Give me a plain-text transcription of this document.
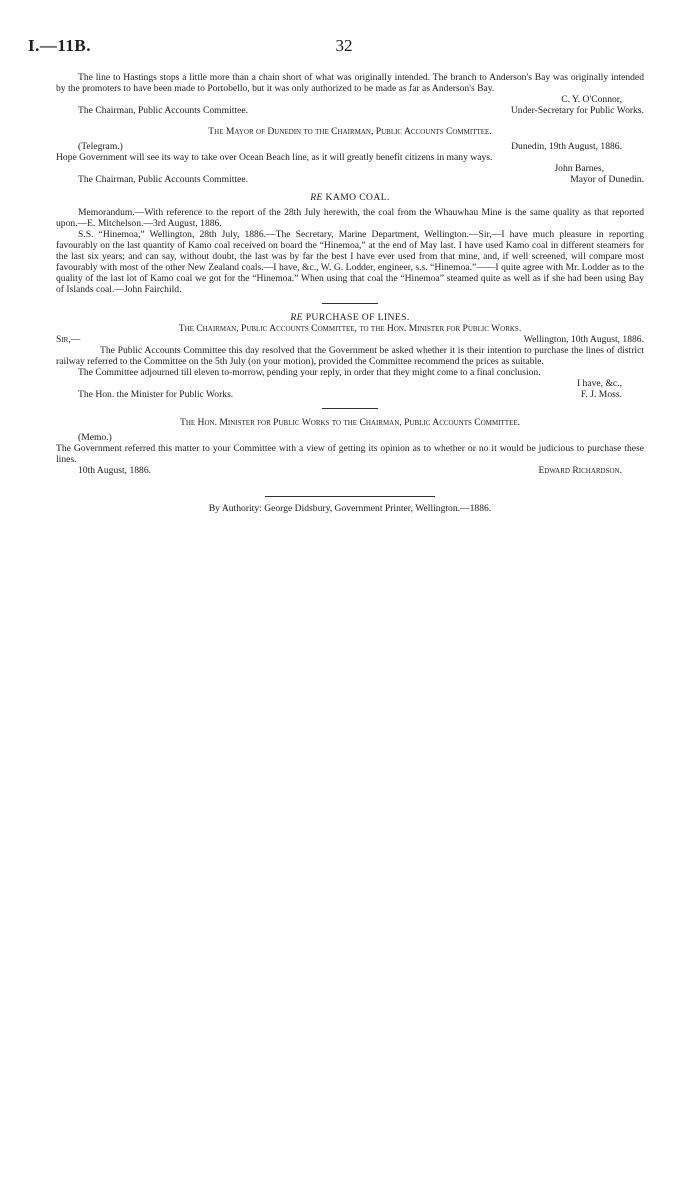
I.—11B.	32

The line to Hastings stops a little more than a chain short of what was originally intended. The branch to Anderson's Bay was originally intended by the promoters to have been made to Portobello, but it was only authorized to be made as far as Anderson's Bay.

C. Y. O'Connor,
The Chairman, Public Accounts Committee.	Under-Secretary for Public Works.
The Mayor of Dunedin to the Chairman, Public Accounts Committee.
(Telegram.)	Dunedin, 19th August, 1886.

Hope Government will see its way to take over Ocean Beach line, as it will greatly benefit citizens in many ways.

John Barnes,
The Chairman, Public Accounts Committee.	Mayor of Dunedin.
RE KAMO COAL.

Memorandum.—With reference to the report of the 28th July herewith, the coal from the Whauwhau Mine is the same quality as that reported upon.—E. Mitchelson.—3rd August, 1886.

S.S. “Hinemoa,” Wellington, 28th July, 1886.—The Secretary, Marine Department, Wellington.—Sir,—I have much pleasure in reporting favourably on the last quantity of Kamo coal received on board the “Hinemoa,” at the end of May last. I have used Kamo coal in different steamers for the last six years; and can say, without doubt, the last was by far the best I have ever used from that mine, and, if well screened, will compare most favourably with most of the other New Zealand coals.—I have, &c., W. G. Lodder, engineer, s.s. “Hinemoa.”——I quite agree with Mr. Lodder as to the quality of the last lot of Kamo coal we got for the “Hinemoa.” When using that coal the “Hinemoa” steamed quite as well as if she had been using Bay of Islands coal.—John Fairchild.

RE PURCHASE OF LINES.
The Chairman, Public Accounts Committee, to the Hon. Minister for Public Works.
Sir,—	Wellington, 10th August, 1886.

The Public Accounts Committee this day resolved that the Government be asked whether it is their intention to purchase the lines of district railway referred to the Committee on the 5th July (on your motion), provided the Committee recommend the prices as suitable.

The Committee adjourned till eleven to-morrow, pending your reply, in order that they might come to a final conclusion.

I have, &c.,
The Hon. the Minister for Public Works.	F. J. Moss.
The Hon. Minister for Public Works to the Chairman, Public Accounts Committee.
(Memo.)

The Government referred this matter to your Committee with a view of getting its opinion as to whether or no it would be judicious to purchase these lines.

10th August, 1886.	Edward Richardson.
By Authority: George Didsbury, Government Printer, Wellington.—1886.
